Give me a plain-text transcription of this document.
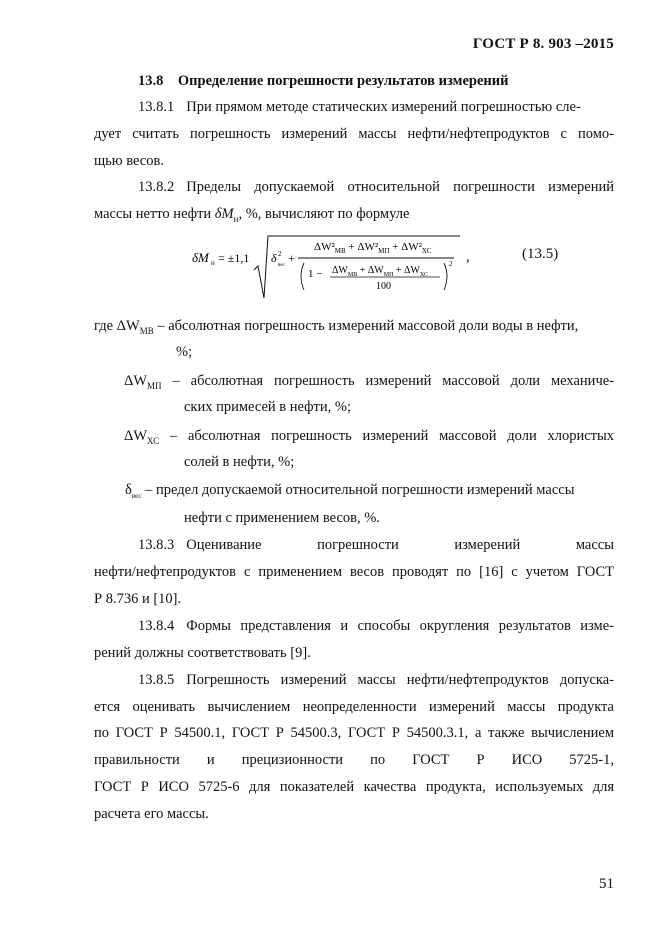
ГОСТ Р 8. 903 –2015
13.8 Определение погрешности результатов измерений
13.8.1 При прямом методе статических измерений погрешностью сле-
дует считать погрешность измерений массы нефти/нефтепродуктов с помо-
щью весов.
13.8.2 Пределы допускаемой относительной погрешности измерений
массы нетто нефти $\delta M_н$, %, вычисляют по формуле
δM н = ±1,1 δ 2
вес
+
$\Delta W^2_{МВ} + \Delta W^2_{МП} + \Delta W^2_{ХС}$
$1 - \Delta W_{МВ} + \Delta W_{МП} + \Delta W_{ХС}$
100
2 ,	(13.5)
где $\Delta W_{МВ}$ – абсолютная погрешность измерений массовой доли воды в нефти,
%;
$\Delta W_{МП}$ – абсолютная погрешность измерений массовой доли механиче-
ских примесей в нефти, %;
$\Delta W_{ХС}$ – абсолютная погрешность измерений массовой доли хлористых
солей в нефти, %;
$\delta_{вес}$ – предел допускаемой относительной погрешности измерений массы
нефти с применением весов, %.
13.8.3 Оценивание	погрешности	измерений	массы
нефти/нефтепродуктов с применением весов проводят по [16] с учетом ГОСТ
Р 8.736 и [10].
13.8.4 Формы представления и способы округления результатов изме-
рений должны соответствовать [9].
13.8.5 Погрешность измерений массы нефти/нефтепродуктов допуска-
ется оценивать вычислением неопределенности измерений массы продукта
по ГОСТ Р 54500.1, ГОСТ Р 54500.3, ГОСТ Р 54500.3.1, а также вычислением
правильности и прецизионности по ГОСТ Р ИСО 5725-1,
ГОСТ Р ИСО 5725-6 для показателей качества продукта, используемых для
расчета его массы.
51
